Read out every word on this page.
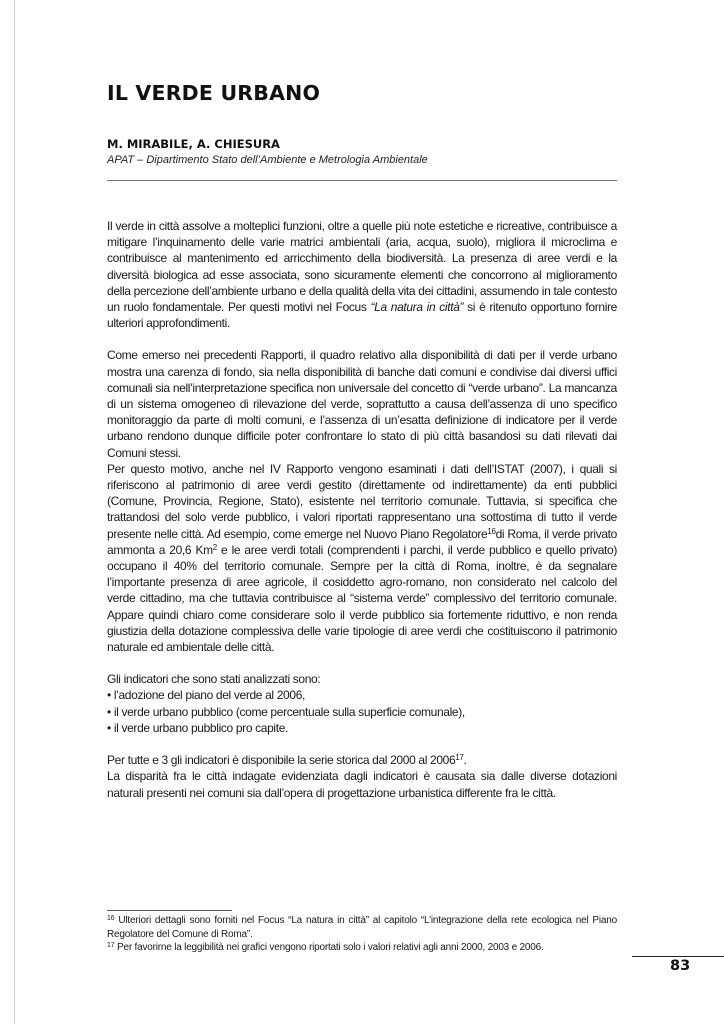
IL VERDE URBANO
M. MIRABILE, A. CHIESURA
APAT – Dipartimento Stato dell’Ambiente e Metrologia Ambientale

Il verde in città assolve a molteplici funzioni, oltre a quelle più note estetiche e ricreative, contribuisce a mitigare l’inquinamento delle varie matrici ambientali (aria, acqua, suolo), migliora il microclima e contribuisce al mantenimento ed arricchimento della biodiversità. La presenza di aree verdi e la diversità biologica ad esse associata, sono sicuramente elementi che concorrono al miglioramento della percezione dell’ambiente urbano e della qualità della vita dei cittadini, assumendo in tale contesto un ruolo fondamentale. Per questi motivi nel Focus “La natura in città” si è ritenuto opportuno fornire ulteriori approfondimenti.

Come emerso nei precedenti Rapporti, il quadro relativo alla disponibilità di dati per il verde urbano mostra una carenza di fondo, sia nella disponibilità di banche dati comuni e condivise dai diversi uffici comunali sia nell’interpretazione specifica non universale del concetto di “verde urbano”. La mancanza di un sistema omogeneo di rilevazione del verde, soprattutto a causa dell’assenza di uno specifico monitoraggio da parte di molti comuni, e l’assenza di un’esatta definizione di indicatore per il verde urbano rendono dunque difficile poter confrontare lo stato di più città basandosi su dati rilevati dai Comuni stessi.

Per questo motivo, anche nel IV Rapporto vengono esaminati i dati dell’ISTAT (2007), i quali si riferiscono al patrimonio di aree verdi gestito (direttamente od indirettamente) da enti pubblici (Comune, Provincia, Regione, Stato), esistente nel territorio comunale. Tuttavia, si specifica che trattandosi del solo verde pubblico, i valori riportati rappresentano una sottostima di tutto il verde presente nelle città. Ad esempio, come emerge nel Nuovo Piano Regolatore$^{16}$di Roma, il verde privato ammonta a 20,6 Km$^2$ e le aree verdi totali (comprendenti i parchi, il verde pubblico e quello privato) occupano il 40% del territorio comunale. Sempre per la città di Roma, inoltre, è da segnalare l’importante presenza di aree agricole, il cosiddetto agro-romano, non considerato nel calcolo del verde cittadino, ma che tuttavia contribuisce al “sistema verde” complessivo del territorio comunale. Appare quindi chiaro come considerare solo il verde pubblico sia fortemente riduttivo, e non renda giustizia della dotazione complessiva delle varie tipologie di aree verdi che costituiscono il patrimonio naturale ed ambientale delle città.

Gli indicatori che sono stati analizzati sono:

• l’adozione del piano del verde al 2006,
• il verde urbano pubblico (come percentuale sulla superficie comunale),
• il verde urbano pubblico pro capite.

Per tutte e 3 gli indicatori è disponibile la serie storica dal 2000 al 2006$^{17}$.

La disparità fra le città indagate evidenziata dagli indicatori è causata sia dalle diverse dotazioni naturali presenti nei comuni sia dall’opera di progettazione urbanistica differente fra le città.

$^{16}$ Ulteriori dettagli sono forniti nel Focus “La natura in città” al capitolo “L’integrazione della rete ecologica nel Piano Regolatore del Comune di Roma”.

$^{17}$ Per favorirne la leggibilità nei grafici vengono riportati solo i valori relativi agli anni 2000, 2003 e 2006.

83
